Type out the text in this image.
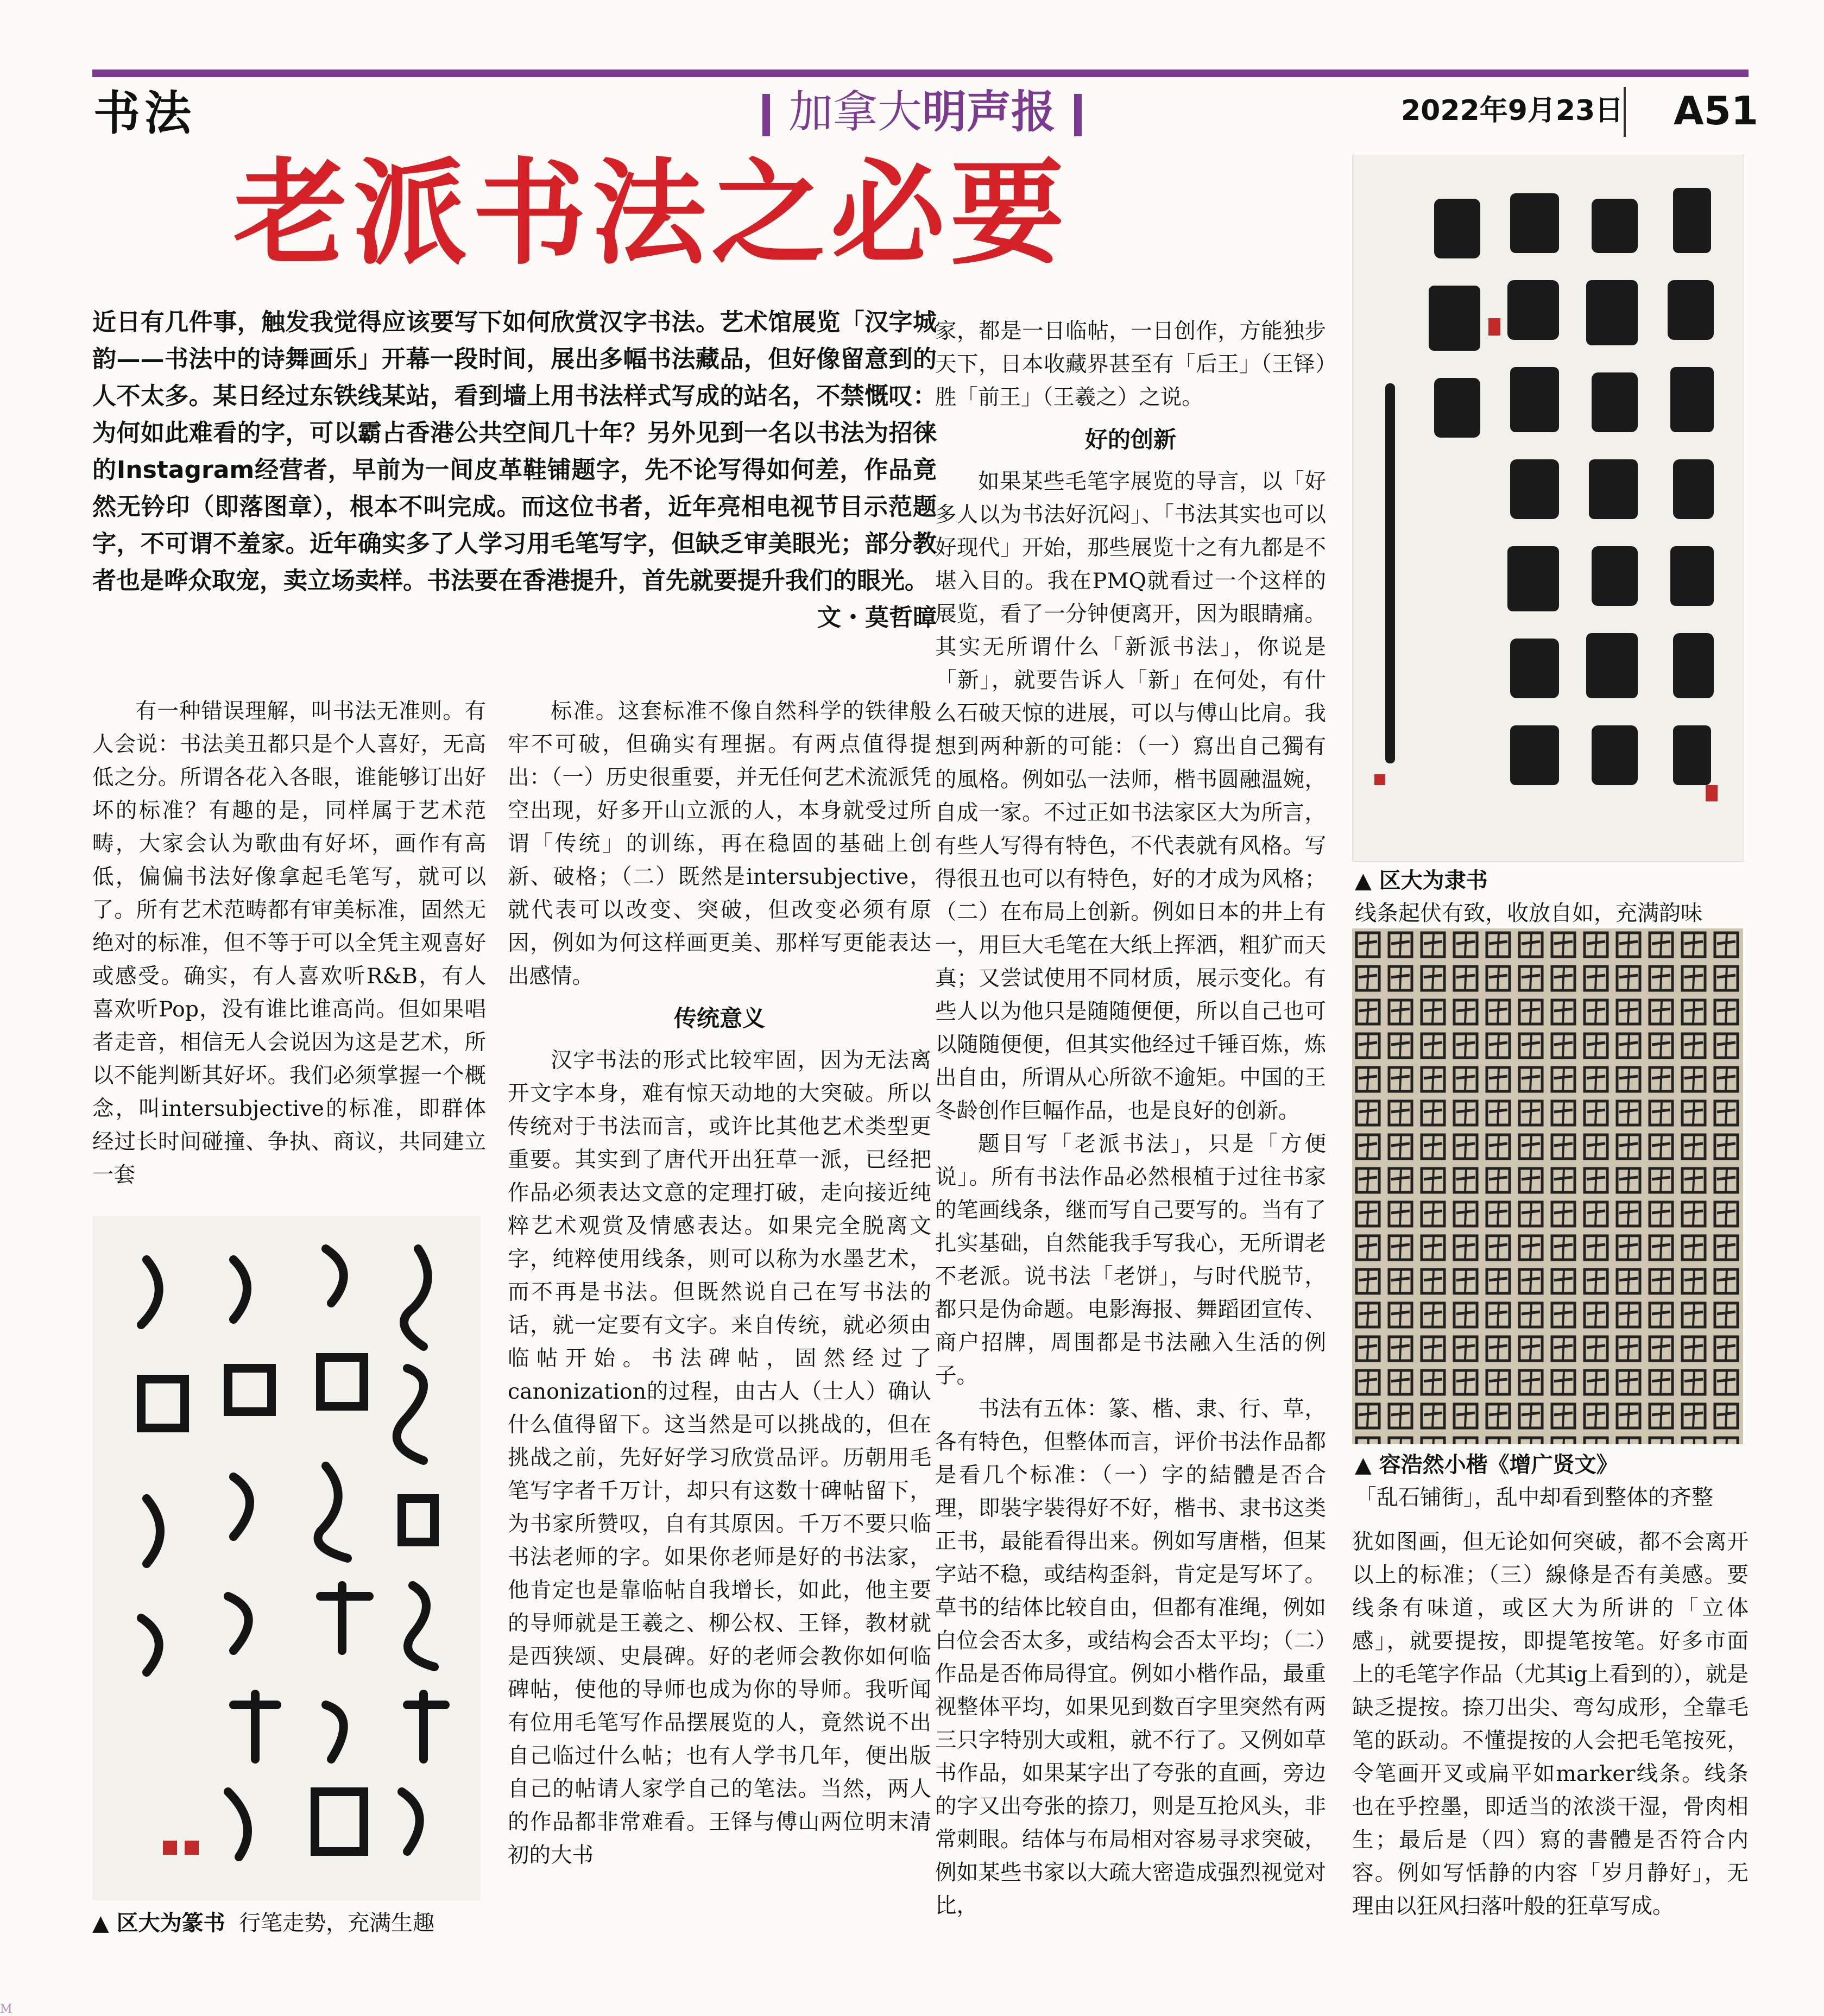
书法	加拿大明声报	2022年9月23日 A51
老派书法之必要
近日有几件事，触发我觉得应该要写下如何欣赏汉字书法。艺术馆展览「汉字城韵——书法中的诗舞画乐」开幕一段时间，展出多幅书法藏品，但好像留意到的人不太多。某日经过东铁线某站，看到墙上用书法样式写成的站名，不禁慨叹：为何如此难看的字，可以霸占香港公共空间几十年？另外见到一名以书法为招徕的Instagram经营者，早前为一间皮革鞋铺题字，先不论写得如何差，作品竟然无钤印（即落图章），根本不叫完成。而这位书者，近年亮相电视节目示范题字，不可谓不羞家。近年确实多了人学习用毛笔写字，但缺乏审美眼光；部分教者也是哗众取宠，卖立场卖样。书法要在香港提升，首先就要提升我们的眼光。
文・莫哲暲

有一种错误理解，叫书法无准则。有人会说：书法美丑都只是个人喜好，无高低之分。所谓各花入各眼，谁能够订出好坏的标准？有趣的是，同样属于艺术范畴，大家会认为歌曲有好坏，画作有高低，偏偏书法好像拿起毛笔写，就可以了。所有艺术范畴都有审美标准，固然无绝对的标准，但不等于可以全凭主观喜好或感受。确实，有人喜欢听R&B，有人喜欢听Pop，没有谁比谁高尚。但如果唱者走音，相信无人会说因为这是艺术，所以不能判断其好坏。我们必须掌握一个概念，叫intersubjective的标准，即群体经过长时间碰撞、争执、商议，共同建立一套

标准。这套标准不像自然科学的铁律般牢不可破，但确实有理据。有两点值得提出：（一）历史很重要，并无任何艺术流派凭空出现，好多开山立派的人，本身就受过所谓「传统」的训练，再在稳固的基础上创新、破格；（二）既然是intersubjective，就代表可以改变、突破，但改变必须有原因，例如为何这样画更美、那样写更能表达出感情。

传统意义

汉字书法的形式比较牢固，因为无法离开文字本身，难有惊天动地的大突破。所以传统对于书法而言，或许比其他艺术类型更重要。其实到了唐代开出狂草一派，已经把作品必须表达文意的定理打破，走向接近纯粹艺术观赏及情感表达。如果完全脱离文字，纯粹使用线条，则可以称为水墨艺术，而不再是书法。但既然说自己在写书法的话，就一定要有文字。来自传统，就必须由临帖开始。书法碑帖，固然经过了canonization的过程，由古人（士人）确认什么值得留下。这当然是可以挑战的，但在挑战之前，先好好学习欣赏品评。历朝用毛笔写字者千万计，却只有这数十碑帖留下，为书家所赞叹，自有其原因。千万不要只临书法老师的字。如果你老师是好的书法家，他肯定也是靠临帖自我增长，如此，他主要的导师就是王羲之、柳公权、王铎，教材就是西狭颂、史晨碑。好的老师会教你如何临碑帖，使他的导师也成为你的导师。我听闻有位用毛笔写作品摆展览的人，竟然说不出自己临过什么帖；也有人学书几年，便出版自己的帖请人家学自己的笔法。当然，两人的作品都非常难看。王铎与傅山两位明末清初的大书

家，都是一日临帖，一日创作，方能独步天下，日本收藏界甚至有「后王」（王铎）胜「前王」（王羲之）之说。

好的创新

如果某些毛笔字展览的导言，以「好多人以为书法好沉闷」、「书法其实也可以好现代」开始，那些展览十之有九都是不堪入目的。我在PMQ就看过一个这样的展览，看了一分钟便离开，因为眼睛痛。其实无所谓什么「新派书法」，你说是「新」，就要告诉人「新」在何处，有什么石破天惊的进展，可以与傅山比肩。我想到两种新的可能：（一）寫出自己獨有的風格。例如弘一法师，楷书圆融温婉，自成一家。不过正如书法家区大为所言，有些人写得有特色，不代表就有风格。写得很丑也可以有特色，好的才成为风格；（二）在布局上创新。例如日本的井上有一，用巨大毛笔在大纸上挥洒，粗犷而天真；又尝试使用不同材质，展示变化。有些人以为他只是随随便便，所以自己也可以随随便便，但其实他经过千锤百炼，炼出自由，所谓从心所欲不逾矩。中国的王冬龄创作巨幅作品，也是良好的创新。

题目写「老派书法」，只是「方便说」。所有书法作品必然根植于过往书家的笔画线条，继而写自己要写的。当有了扎实基础，自然能我手写我心，无所谓老不老派。说书法「老饼」，与时代脱节，都只是伪命题。电影海报、舞蹈团宣传、商户招牌，周围都是书法融入生活的例子。

书法有五体：篆、楷、隶、行、草，各有特色，但整体而言，评价书法作品都是看几个标准：（一）字的結體是否合理，即裝字裝得好不好，楷书、隶书这类正书，最能看得出来。例如写唐楷，但某字站不稳，或结构歪斜，肯定是写坏了。草书的结体比较自由，但都有准绳，例如白位会否太多，或结构会否太平均；（二）作品是否佈局得宜。例如小楷作品，最重视整体平均，如果见到数百字里突然有两三只字特别大或粗，就不行了。又例如草书作品，如果某字出了夸张的直画，旁边的字又出夸张的捺刀，则是互抢风头，非常刺眼。结体与布局相对容易寻求突破，例如某些书家以大疏大密造成强烈视觉对比，

犹如图画，但无论如何突破，都不会离开以上的标准；（三）線條是否有美感。要线条有味道，或区大为所讲的「立体感」，就要提按，即提笔按笔。好多市面上的毛笔字作品（尤其ig上看到的），就是缺乏提按。捺刀出尖、弯勾成形，全靠毛笔的跃动。不懂提按的人会把毛笔按死，令笔画开叉或扁平如marker线条。线条也在乎控墨，即适当的浓淡干湿，骨肉相生；最后是（四）寫的書體是否符合内容。例如写恬静的内容「岁月静好」，无理由以狂风扫落叶般的狂草写成。

▲ 区大为隶书
线条起伏有致，收放自如，充满韵味
▲ 容浩然小楷《增广贤文》
「乱石铺街」，乱中却看到整体的齐整
▲ 区大为篆书 行笔走势，充满生趣
M
